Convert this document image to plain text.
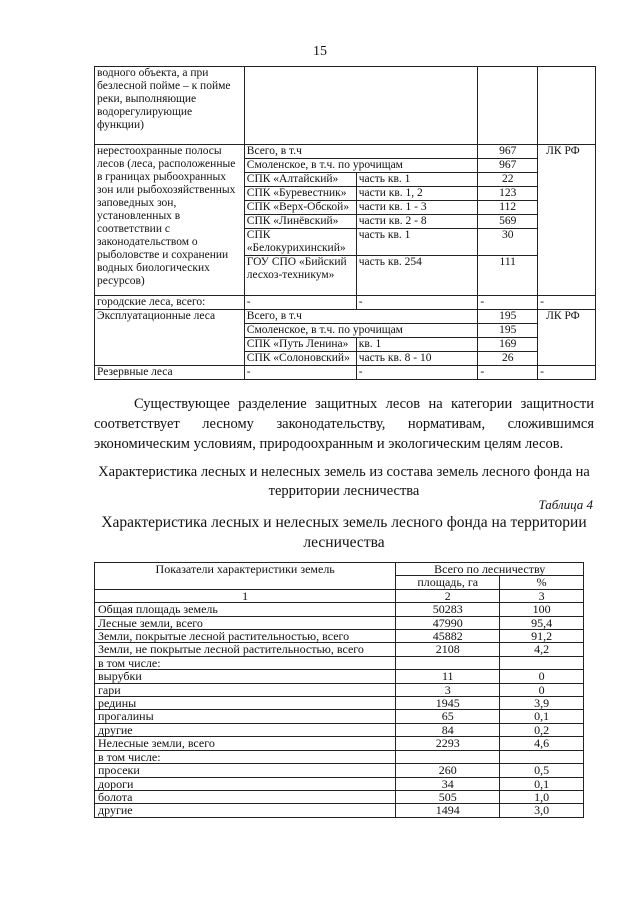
15
водного объекта, а при безлесной пойме – к пойме реки, выполняющие водорегулирующие функции)				
нерестоохранные полосы лесов (леса, расположенные в границах рыбоохранных зон или рыбохозяйственных заповедных зон, установленных в соответствии с законодательством о рыболовстве и сохранении водных биологических ресурсов)	Всего, в т.ч		967	ЛК РФ
	Смоленское, в т.ч. по урочищам		967	
	СПК «Алтайский»	часть кв. 1	22	
	СПК «Буревестник»	части кв. 1, 2	123	
	СПК «Верх-Обской»	части кв. 1 - 3	112	
	СПК «Линёвский»	части кв. 2 - 8	569	
	СПК «Белокурихинский»	часть кв. 1	30	
	ГОУ СПО «Бийский лесхоз-техникум»	часть кв. 254	111	
городские леса, всего:	-	-	-	-
Эксплуатационные леса	Всего, в т.ч		195	ЛК РФ
	Смоленское, в т.ч. по урочищам		195	
	СПК «Путь Ленина»	кв. 1	169	
	СПК «Солоновский»	часть кв. 8 - 10	26	
Резервные леса	-	-	-	-
Существующее разделение защитных лесов на категории защитности соответствует лесному законодательству, нормативам, сложившимся экономическим условиям, природоохранным и экологическим целям лесов.
Характеристика лесных и нелесных земель из состава земель лесного фонда на территории лесничества
Таблица 4
Характеристика лесных и нелесных земель лесного фонда на территории лесничества
Показатели характеристики земель	Всего по лесничеству	
	площадь, га	%
1	2	3
Общая площадь земель	50283	100
Лесные земли, всего	47990	95,4
Земли, покрытые лесной растительностью, всего	45882	91,2
Земли, не покрытые лесной растительностью, всего	2108	4,2
в том числе:		
вырубки	11	0
гари	3	0
редины	1945	3,9
прогалины	65	0,1
другие	84	0,2
Нелесные земли, всего	2293	4,6
в том числе:		
просеки	260	0,5
дороги	34	0,1
болота	505	1,0
другие	1494	3,0
